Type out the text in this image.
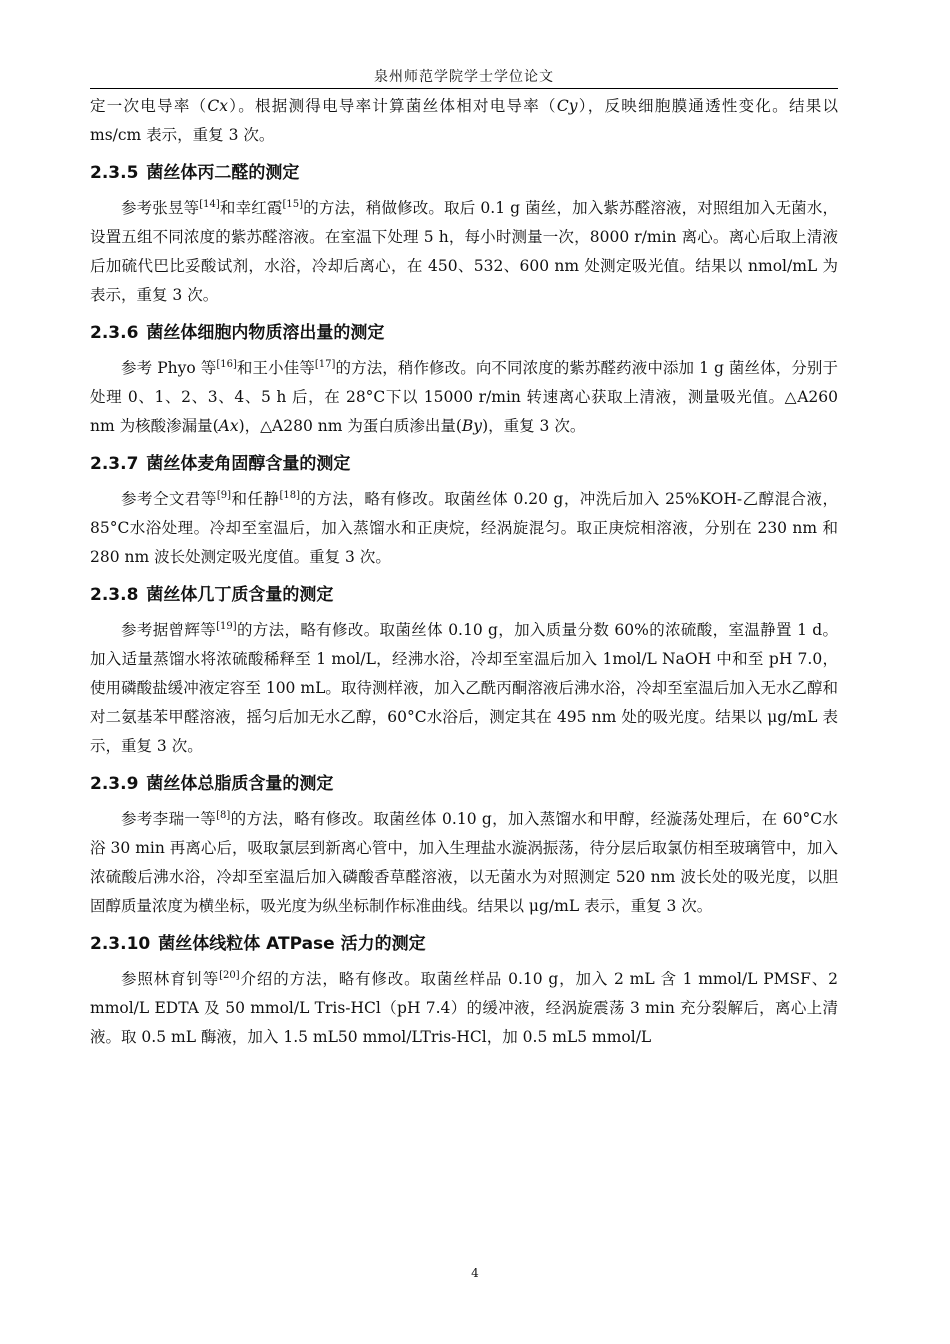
泉州师范学院学士学位论文

定一次电导率（Cx）。根据测得电导率计算菌丝体相对电导率（Cy），反映细胞膜通透性变化。结果以 ms/cm 表示，重复 3 次。

2.3.5 菌丝体丙二醛的测定

参考张昱等[14]和幸红霞[15]的方法，稍做修改。取后 0.1 g 菌丝，加入紫苏醛溶液，对照组加入无菌水，设置五组不同浓度的紫苏醛溶液。在室温下处理 5 h，每小时测量一次，8000 r/min 离心。离心后取上清液后加硫代巴比妥酸试剂，水浴，冷却后离心，在 450、532、600 nm 处测定吸光值。结果以 nmol/mL 为表示，重复 3 次。

2.3.6 菌丝体细胞内物质溶出量的测定

参考 Phyo 等[16]和王小佳等[17]的方法，稍作修改。向不同浓度的紫苏醛药液中添加 1 g 菌丝体，分别于处理 0、1、2、3、4、5 h 后，在 28°C下以 15000 r/min 转速离心获取上清液，测量吸光值。△A260 nm 为核酸渗漏量(Ax)，△A280 nm 为蛋白质渗出量(By)，重复 3 次。

2.3.7 菌丝体麦角固醇含量的测定

参考仝文君等[9]和任静[18]的方法，略有修改。取菌丝体 0.20 g，冲洗后加入 25%KOH-乙醇混合液，85°C水浴处理。冷却至室温后，加入蒸馏水和正庚烷，经涡旋混匀。取正庚烷相溶液，分别在 230 nm 和 280 nm 波长处测定吸光度值。重复 3 次。

2.3.8 菌丝体几丁质含量的测定

参考据曾辉等[19]的方法，略有修改。取菌丝体 0.10 g，加入质量分数 60%的浓硫酸，室温静置 1 d。加入适量蒸馏水将浓硫酸稀释至 1 mol/L，经沸水浴，冷却至室温后加入 1mol/L NaOH 中和至 pH 7.0，使用磷酸盐缓冲液定容至 100 mL。取待测样液，加入乙酰丙酮溶液后沸水浴，冷却至室温后加入无水乙醇和对二氨基苯甲醛溶液，摇匀后加无水乙醇，60°C水浴后，测定其在 495 nm 处的吸光度。结果以 μg/mL 表示，重复 3 次。

2.3.9 菌丝体总脂质含量的测定

参考李瑞一等[8]的方法，略有修改。取菌丝体 0.10 g，加入蒸馏水和甲醇，经漩荡处理后，在 60°C水浴 30 min 再离心后，吸取氯层到新离心管中，加入生理盐水漩涡振荡，待分层后取氯仿相至玻璃管中，加入浓硫酸后沸水浴，冷却至室温后加入磷酸香草醛溶液，以无菌水为对照测定 520 nm 波长处的吸光度，以胆固醇质量浓度为横坐标，吸光度为纵坐标制作标准曲线。结果以 μg/mL 表示，重复 3 次。

2.3.10 菌丝体线粒体 ATPase 活力的测定

参照林育钊等[20]介绍的方法，略有修改。取菌丝样品 0.10 g，加入 2 mL 含 1 mmol/L PMSF、2 mmol/L EDTA 及 50 mmol/L Tris-HCl（pH 7.4）的缓冲液，经涡旋震荡 3 min 充分裂解后，离心上清液。取 0.5 mL 酶液，加入 1.5 mL50 mmol/LTris-HCl，加 0.5 mL5 mmol/L

4
